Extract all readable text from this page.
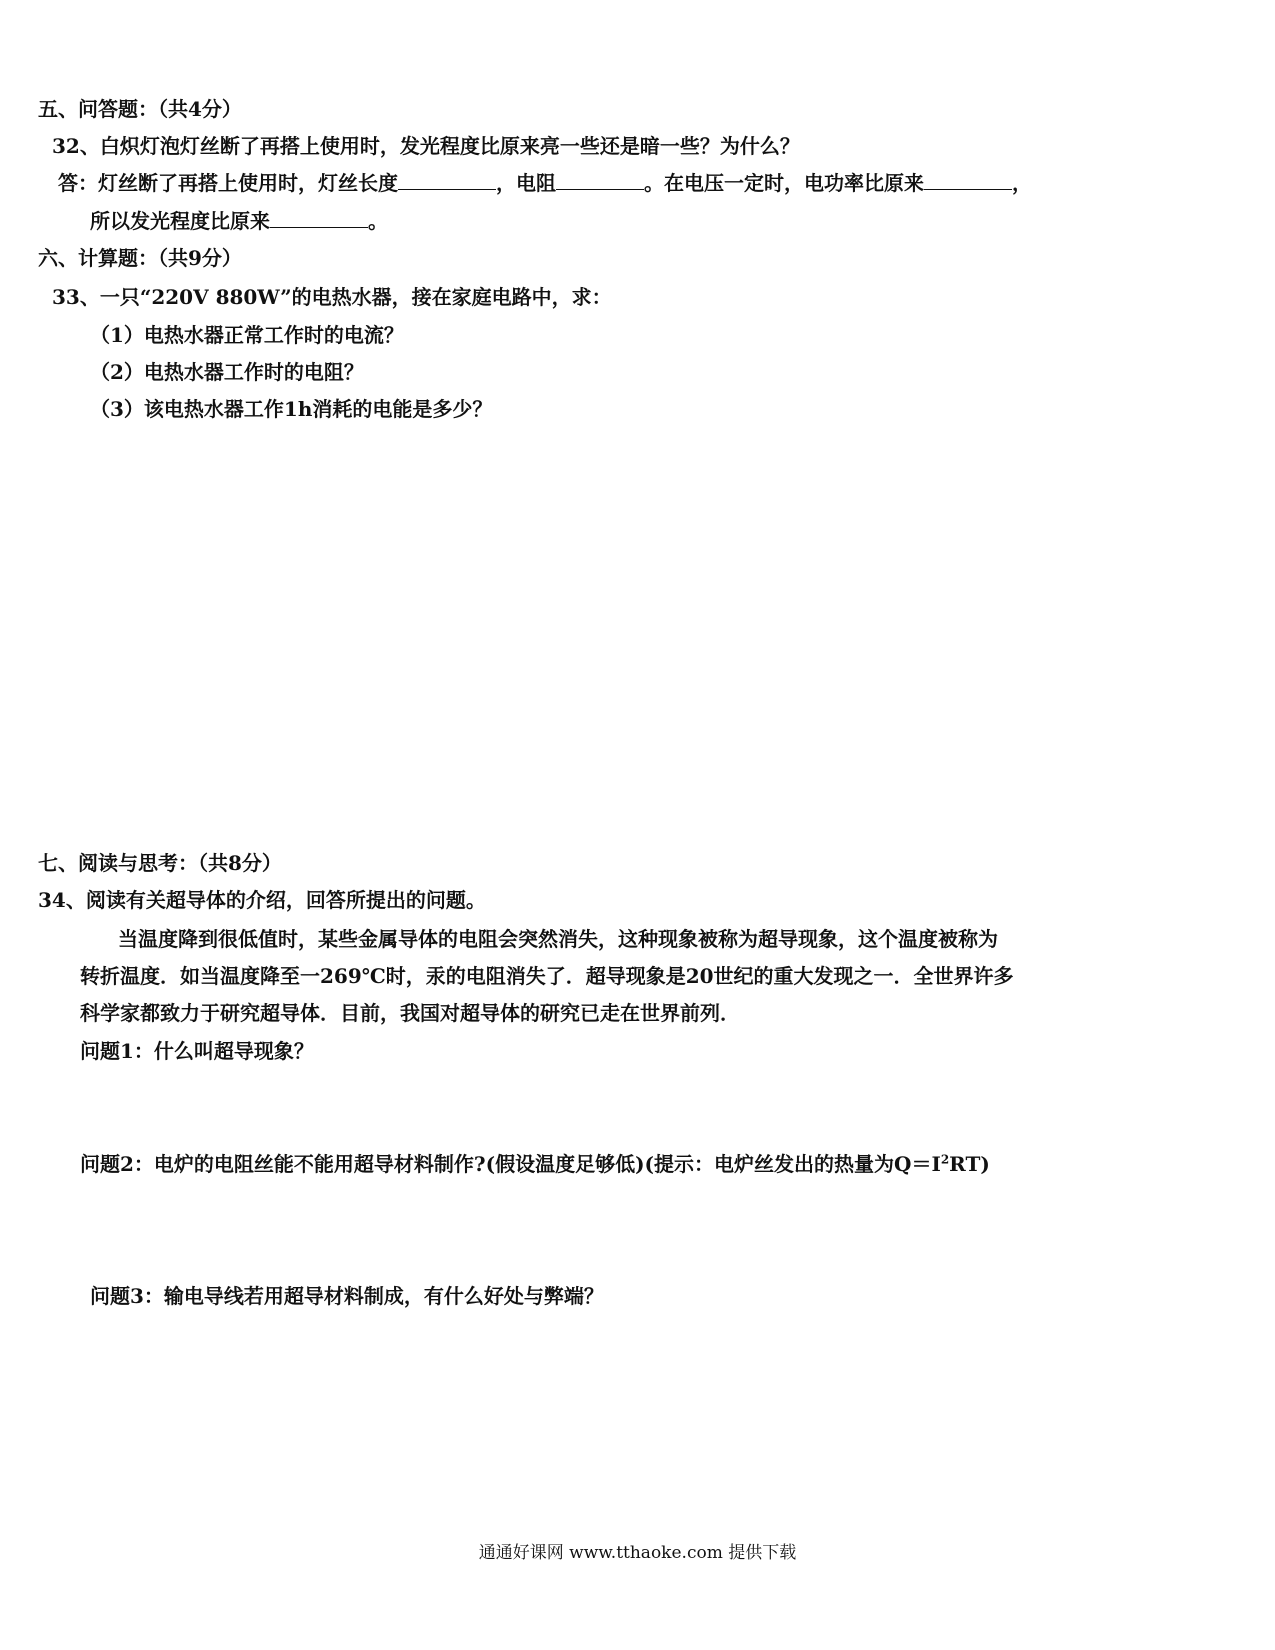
五、问答题：（共4分）
32、白炽灯泡灯丝断了再搭上使用时，发光程度比原来亮一些还是暗一些？为什么？
答：灯丝断了再搭上使用时，灯丝长度	，电阻	。在电压一定时，电功率比原来	，
所以发光程度比原来	。
六、计算题：（共9分）
33、一只“220V 880W”的电热水器，接在家庭电路中，求：
（1）电热水器正常工作时的电流？
（2）电热水器工作时的电阻？
（3）该电热水器工作1h消耗的电能是多少？
七、阅读与思考：（共8分）
34、阅读有关超导体的介绍，回答所提出的问题。
当温度降到很低值时，某些金属导体的电阻会突然消失，这种现象被称为超导现象，这个温度被称为
转折温度．如当温度降至一269℃时，汞的电阻消失了．超导现象是20世纪的重大发现之一．全世界许多
科学家都致力于研究超导体．目前，我国对超导体的研究已走在世界前列．
问题1：什么叫超导现象？
问题2：电炉的电阻丝能不能用超导材料制作?(假设温度足够低)(提示：电炉丝发出的热量为$Q=I^2RT$)
问题3：输电导线若用超导材料制成，有什么好处与弊端？
通通好课网 www.tthaoke.com 提供下载
